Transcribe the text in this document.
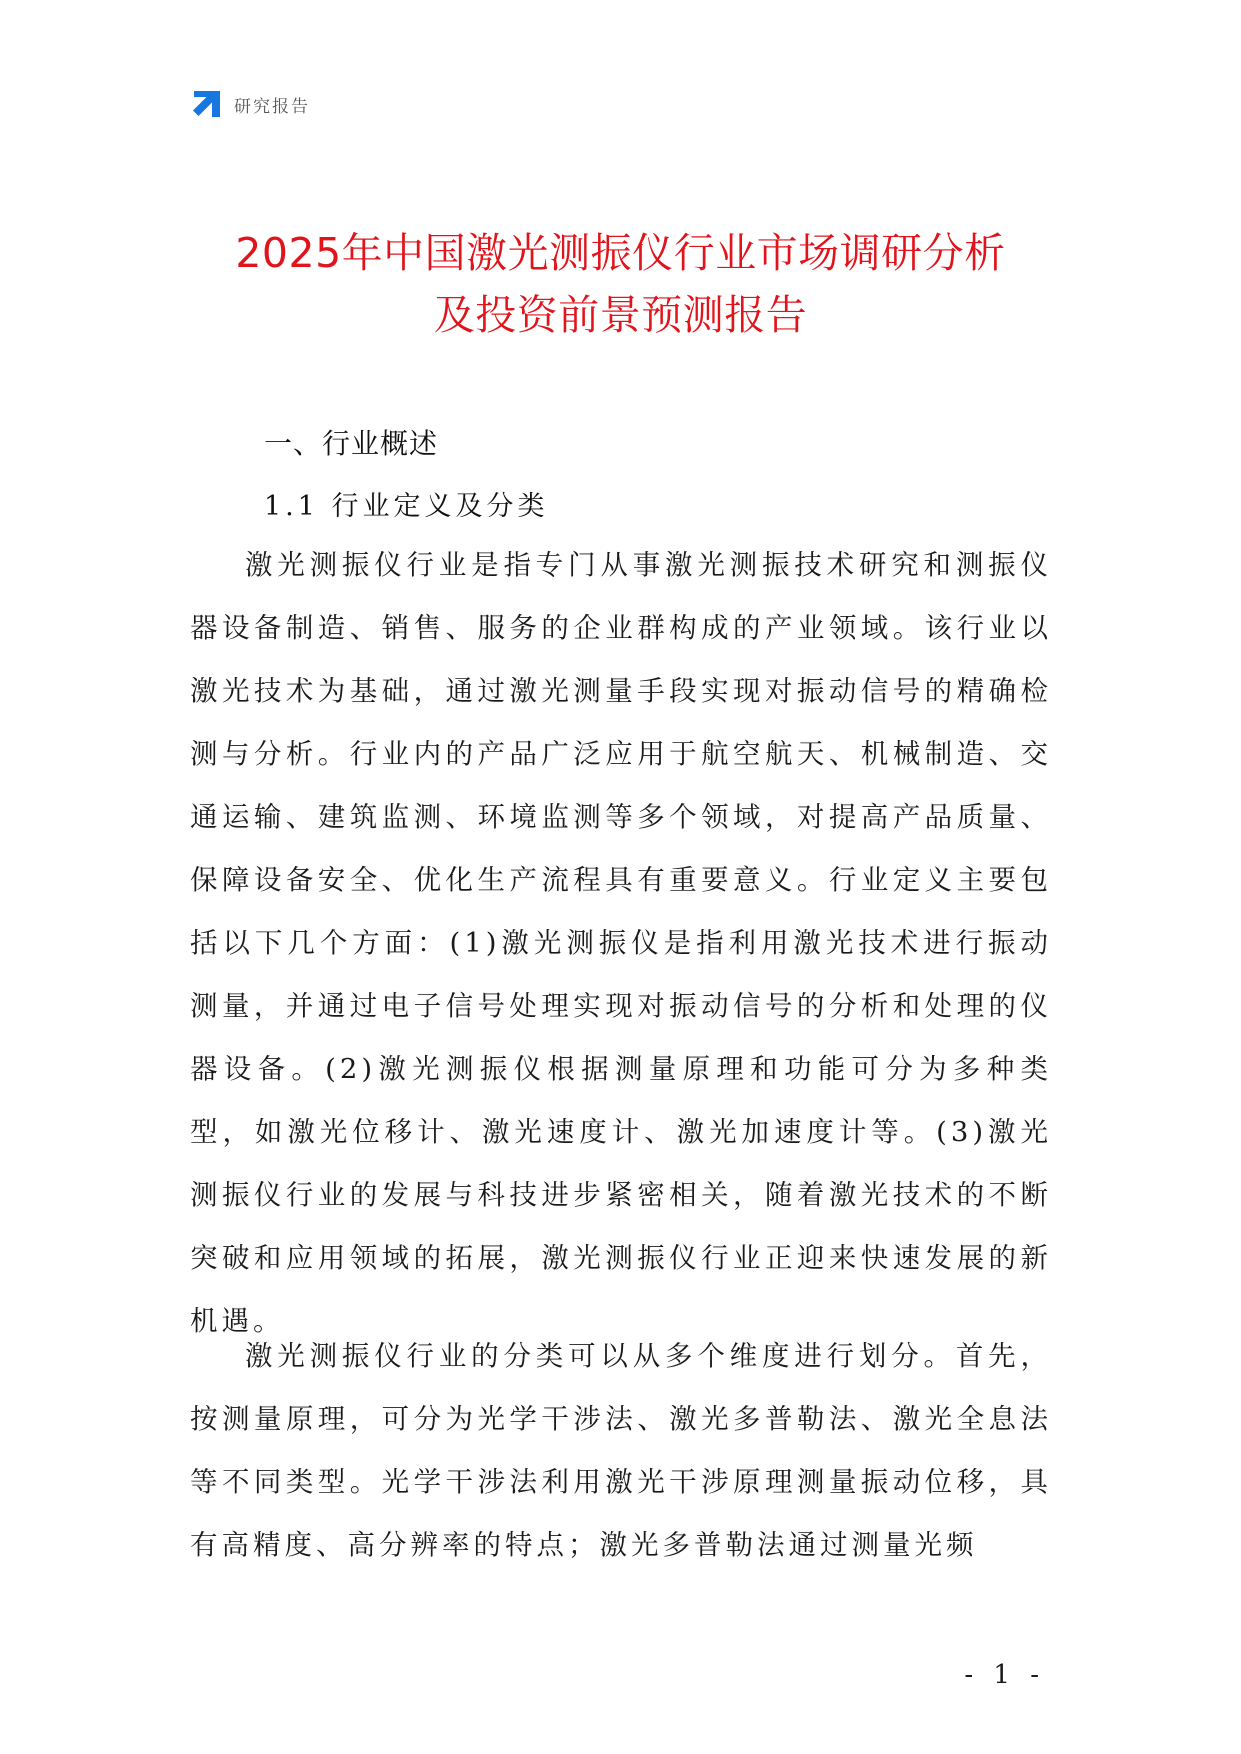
研究报告
2025年中国激光测振仪行业市场调研分析
及投资前景预测报告
一、行业概述
1.1 行业定义及分类

激光测振仪行业是指专门从事激光测振技术研究和测振仪器设备制造、销售、服务的企业群构成的产业领域。该行业以激光技术为基础，通过激光测量手段实现对振动信号的精确检测与分析。行业内的产品广泛应用于航空航天、机械制造、交通运输、建筑监测、环境监测等多个领域，对提高产品质量、保障设备安全、优化生产流程具有重要意义。行业定义主要包括以下几个方面：(1)激光测振仪是指利用激光技术进行振动测量，并通过电子信号处理实现对振动信号的分析和处理的仪器设备。(2)激光测振仪根据测量原理和功能可分为多种类型，如激光位移计、激光速度计、激光加速度计等。(3)激光测振仪行业的发展与科技进步紧密相关，随着激光技术的不断突破和应用领域的拓展，激光测振仪行业正迎来快速发展的新机遇。

激光测振仪行业的分类可以从多个维度进行划分。首先，按测量原理，可分为光学干涉法、激光多普勒法、激光全息法等不同类型。光学干涉法利用激光干涉原理测量振动位移，具有高精度、高分辨率的特点；激光多普勒法通过测量光频

- 1 -
